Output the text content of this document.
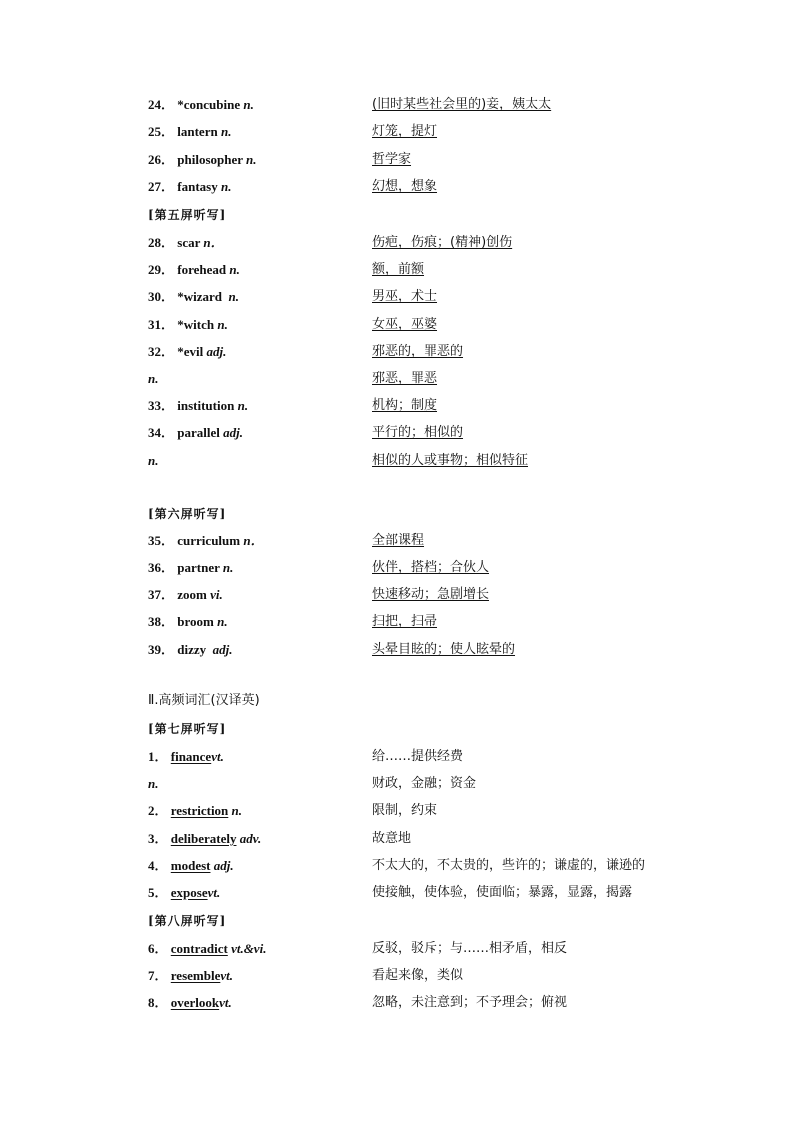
24． *concubine n.	(旧时某些社会里的)妾，姨太太
25． lantern n.	灯笼，提灯
26． philosopher n.	哲学家
27． fantasy n.	幻想，想象
[第五屏听写]
28． scar n．	伤疤，伤痕；(精神)创伤
29． forehead n.	额，前额
30． *wizard n.	男巫，术士
31． *witch n.	女巫，巫婆
32． *evil adj.	邪恶的，罪恶的
n.	邪恶，罪恶
33． institution n.	机构；制度
34． parallel adj.	平行的；相似的
n.	相似的人或事物；相似特征
[第六屏听写]
35． curriculum n．	全部课程
36． partner n.	伙伴，搭档；合伙人
37． zoom vi.	快速移动；急剧增长
38． broom n.	扫把，扫帚
39． dizzy adj.	头晕目眩的；使人眩晕的
Ⅱ.高频词汇(汉译英)
[第七屏听写]
1． financevt.	给……提供经费
n.	财政，金融；资金
2． restriction n.	限制，约束
3． deliberately adv.	故意地
4． modest adj.	不太大的，不太贵的，些许的；谦虚的，谦逊的
5． exposevt.	使接触，使体验，使面临；暴露，显露，揭露
[第八屏听写]
6． contradict vt.&vi.	反驳，驳斥；与……相矛盾，相反
7． resemblevt.	看起来像，类似
8． overlookvt.	忽略，未注意到；不予理会；俯视
